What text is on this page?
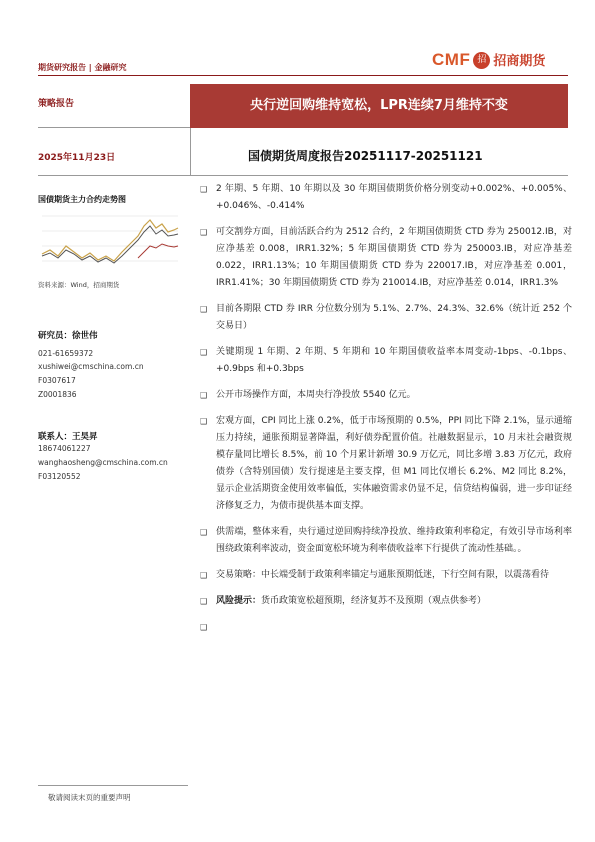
期货研究报告 | 金融研究	CMF 招 招商期货
策略报告	央行逆回购维持宽松，LPR连续7月维持不变
2025年11月23日	国债期货周度报告20251117-20251121
国债期货主力合约走势图
资料来源：Wind，招商期货
研究员：徐世伟
021-61659372
xushiwei@cmschina.com.cn
F0307617
Z0001836
联系人：王昊昇
18674061227
wanghaosheng@cmschina.com.cn
F03120552
❑ 2 年期、5 年期、10 年期以及 30 年期国债期货价格分别变动+0.002%、+0.005%、+0.046%、-0.414%
❑ 可交割券方面，目前活跃合约为 2512 合约，2 年期国债期货 CTD 券为 250012.IB，对应净基差 0.008，IRR1.32%；5 年期国债期货 CTD 券为 250003.IB，对应净基差 0.022，IRR1.13%；10 年期国债期货 CTD 券为 220017.IB，对应净基差 0.001，IRR1.41%；30 年期国债期货 CTD 券为 210014.IB，对应净基差 0.014，IRR1.3%
❑ 目前各期限 CTD 券 IRR 分位数分别为 5.1%、2.7%、24.3%、32.6%（统计近 252 个交易日）
❑ 关键期现 1 年期、2 年期、5 年期和 10 年期国债收益率本周变动-1bps、-0.1bps、+0.9bps 和+0.3bps
❑ 公开市场操作方面，本周央行净投放 5540 亿元。
❑ 宏观方面，CPI 同比上涨 0.2%，低于市场预期的 0.5%，PPI 同比下降 2.1%，显示通缩压力持续，通胀预期显著降温，利好债券配置价值。社融数据显示，10 月末社会融资规模存量同比增长 8.5%，前 10 个月累计新增 30.9 万亿元，同比多增 3.83 万亿元，政府债券（含特别国债）发行提速是主要支撑，但 M1 同比仅增长 6.2%、M2 同比 8.2%，显示企业活期资金使用效率偏低，实体融资需求仍显不足，信贷结构偏弱，进一步印证经济修复乏力，为债市提供基本面支撑。
❑ 供需端，整体来看，央行通过逆回购持续净投放、维持政策利率稳定，有效引导市场利率围绕政策利率波动，资金面宽松环境为利率债收益率下行提供了流动性基础。。
❑ 交易策略：中长端受制于政策利率锚定与通胀预期低迷，下行空间有限，以震荡看待
❑ 风险提示：货币政策宽松超预期，经济复苏不及预期（观点供参考）
❑
敬请阅读末页的重要声明
